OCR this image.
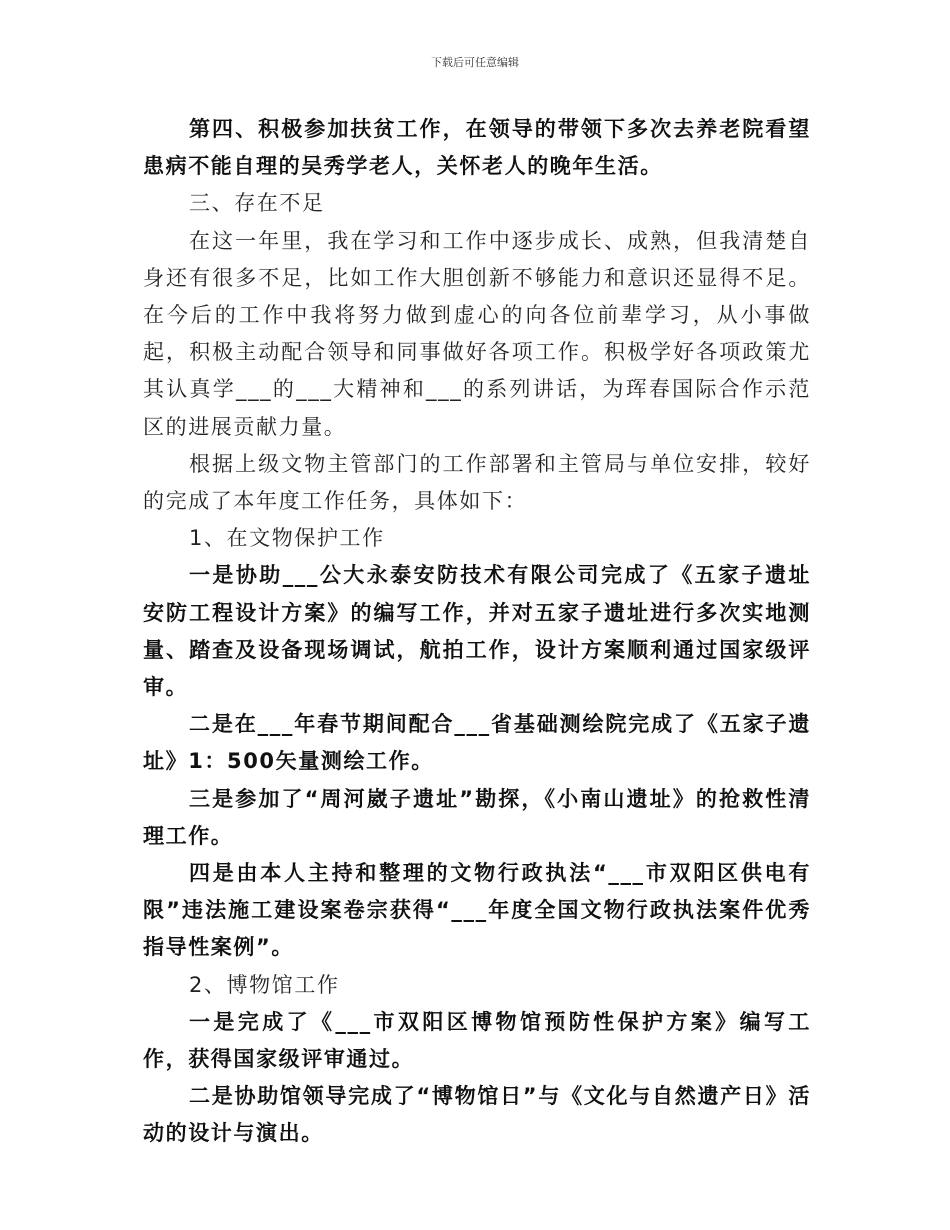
下载后可任意编辑

第四、积极参加扶贫工作，在领导的带领下多次去养老院看望患病不能自理的吴秀学老人，关怀老人的晚年生活。

三、存在不足

在这一年里，我在学习和工作中逐步成长、成熟，但我清楚自身还有很多不足，比如工作大胆创新不够能力和意识还显得不足。在今后的工作中我将努力做到虚心的向各位前辈学习，从小事做起，积极主动配合领导和同事做好各项工作。积极学好各项政策尤其认真学___的___大精神和___的系列讲话，为珲春国际合作示范区的进展贡献力量。

根据上级文物主管部门的工作部署和主管局与单位安排，较好的完成了本年度工作任务，具体如下：

1、在文物保护工作

一是协助___公大永泰安防技术有限公司完成了《五家子遗址安防工程设计方案》的编写工作，并对五家子遗址进行多次实地测量、踏查及设备现场调试，航拍工作，设计方案顺利通过国家级评审。

二是在___年春节期间配合___省基础测绘院完成了《五家子遗址》1：500矢量测绘工作。

三是参加了“周河崴子遗址”勘探，《小南山遗址》的抢救性清理工作。

四是由本人主持和整理的文物行政执法“___市双阳区供电有限”违法施工建设案卷宗获得“___年度全国文物行政执法案件优秀指导性案例”。

2、博物馆工作

一是完成了《___市双阳区博物馆预防性保护方案》编写工作，获得国家级评审通过。

二是协助馆领导完成了“博物馆日”与《文化与自然遗产日》活动的设计与演出。
